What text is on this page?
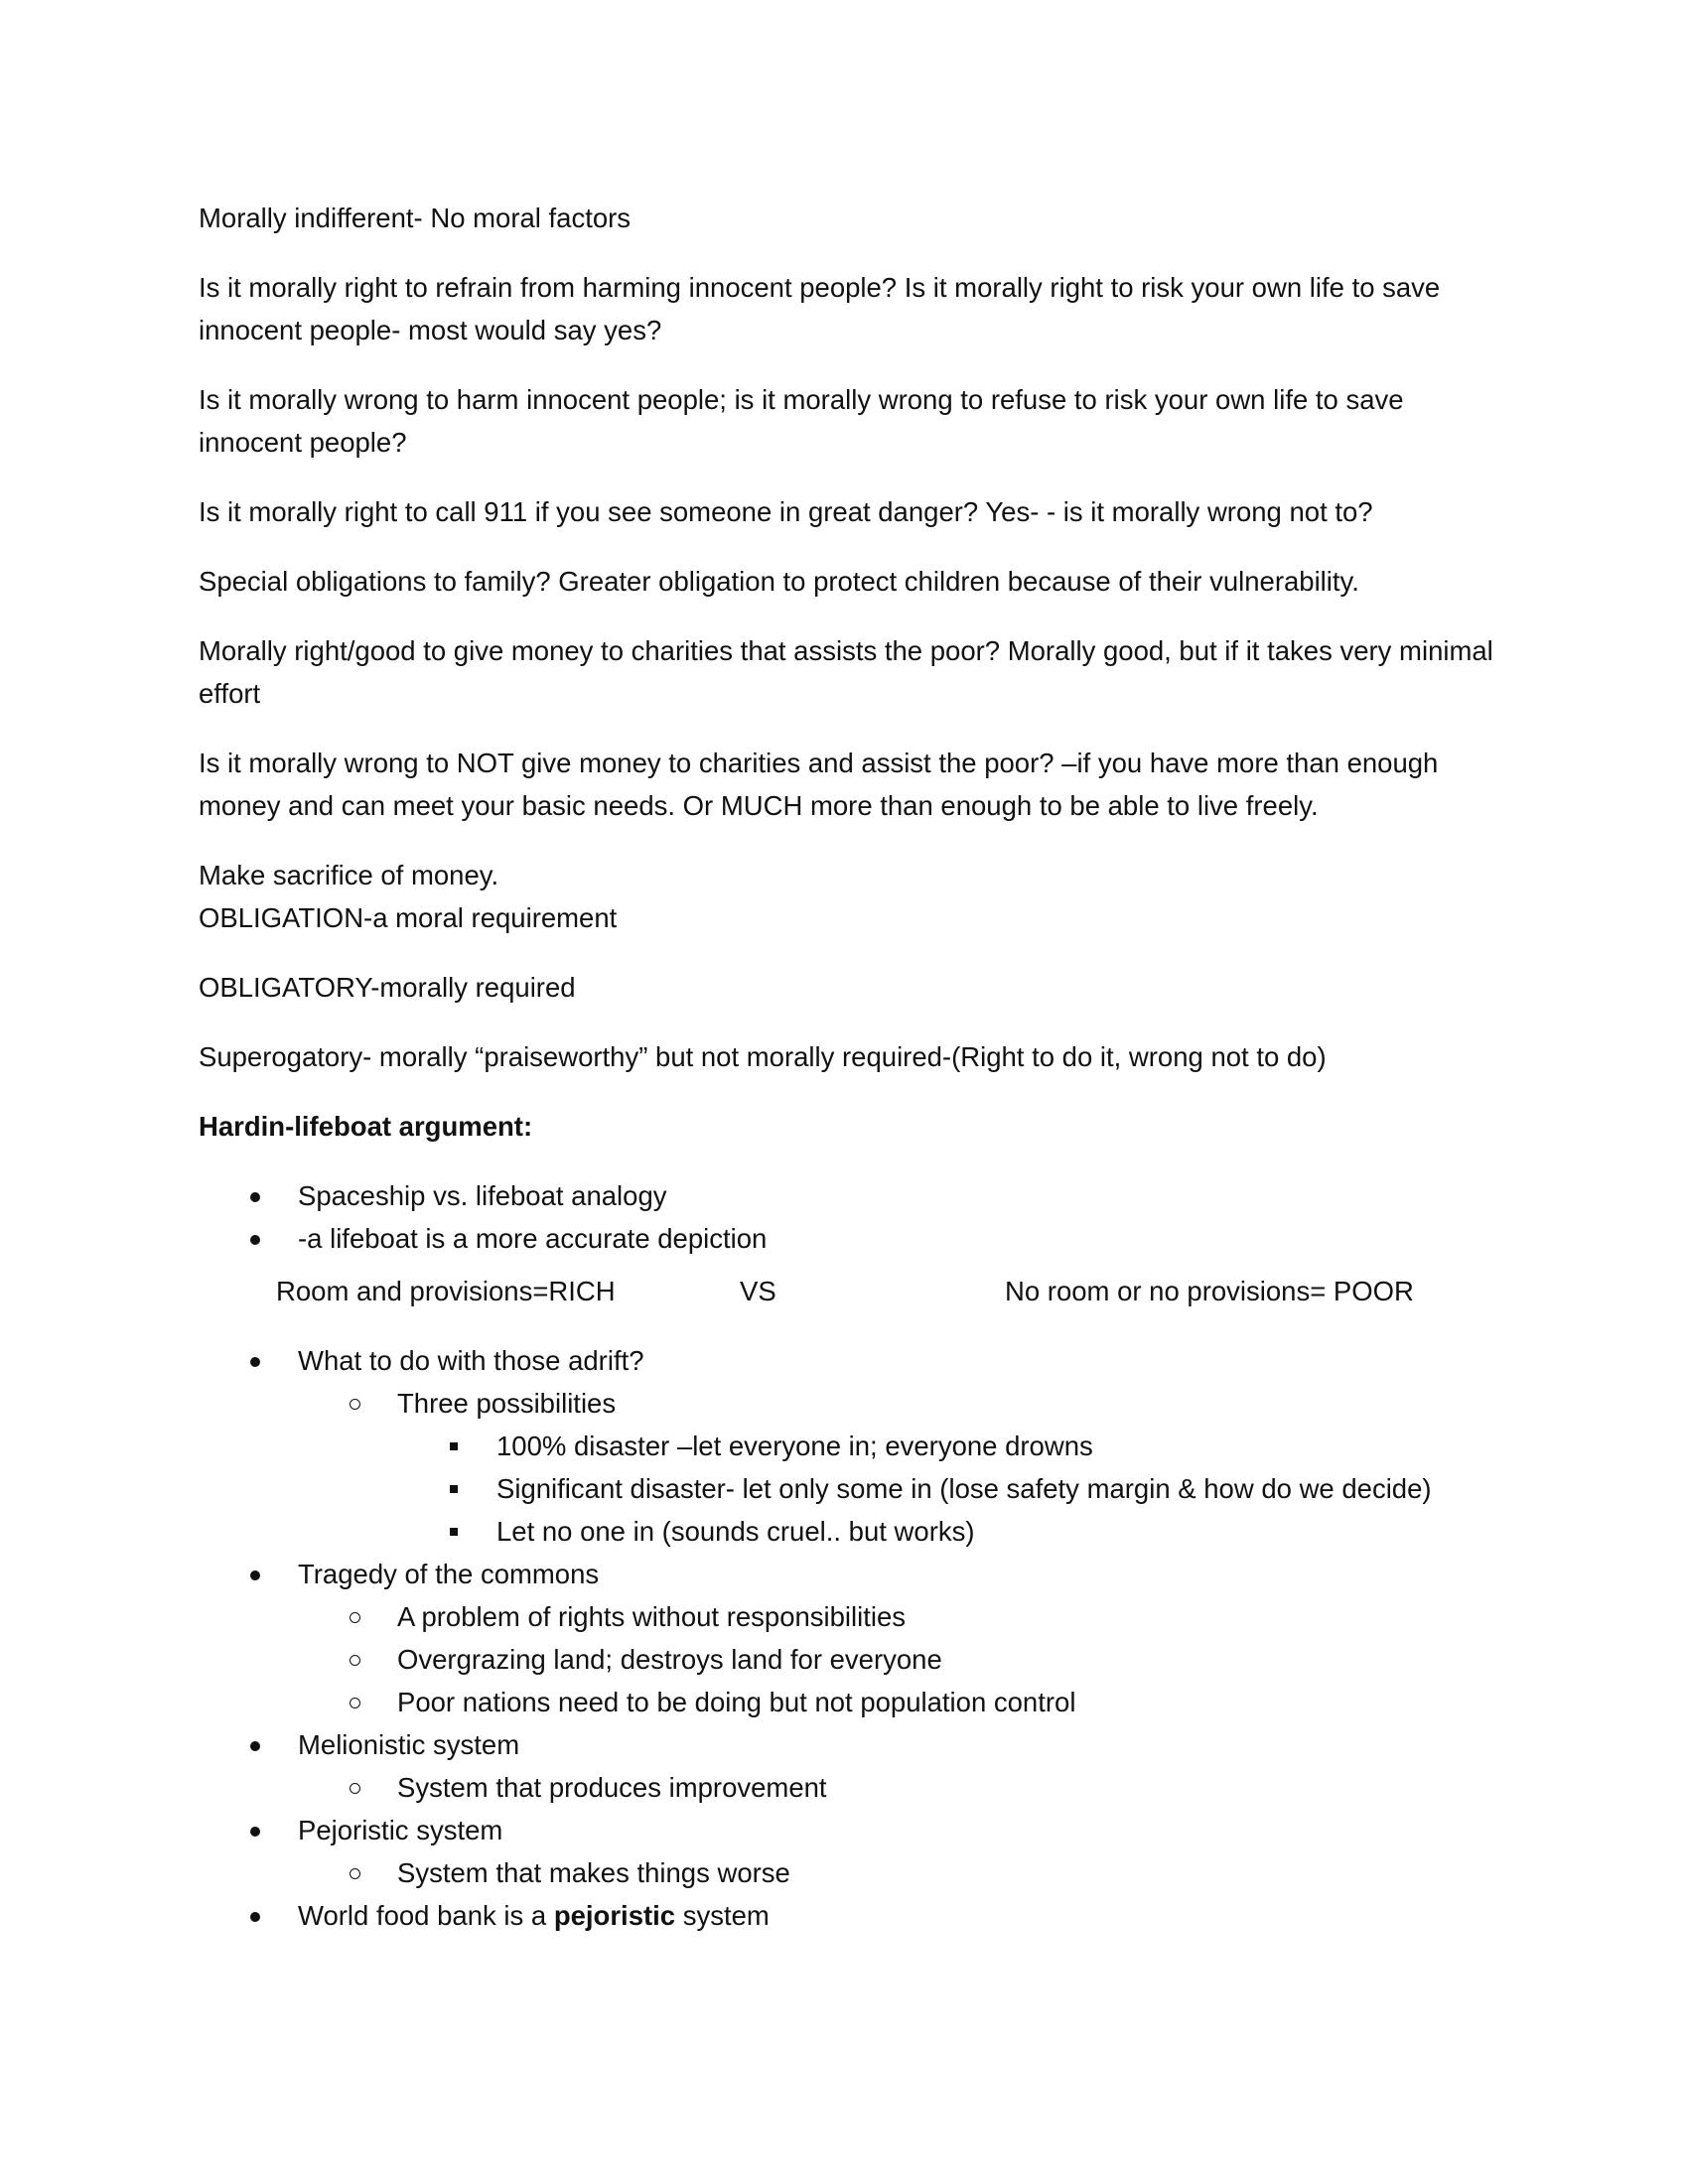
Morally indifferent- No moral factors

Is it morally right to refrain from harming innocent people? Is it morally right to risk your own life to save innocent people- most would say yes?

Is it morally wrong to harm innocent people; is it morally wrong to refuse to risk your own life to save innocent people?

Is it morally right to call 911 if you see someone in great danger? Yes- - is it morally wrong not to?

Special obligations to family? Greater obligation to protect children because of their vulnerability.

Morally right/good to give money to charities that assists the poor? Morally good, but if it takes very minimal effort

Is it morally wrong to NOT give money to charities and assist the poor? –if you have more than enough money and can meet your basic needs. Or MUCH more than enough to be able to live freely.

Make sacrifice of money.

OBLIGATION-a moral requirement

OBLIGATORY-morally required

Superogatory- morally “praiseworthy” but not morally required-(Right to do it, wrong not to do)

Hardin-lifeboat argument:

Spaceship vs. lifeboat analogy
-a lifeboat is a more accurate depiction
Room and provisions=RICH	VS	No room or no provisions= POOR
What to do with those adrift?
Three possibilities
100% disaster –let everyone in; everyone drowns
Significant disaster- let only some in (lose safety margin & how do we decide)
Let no one in (sounds cruel.. but works)
Tragedy of the commons
A problem of rights without responsibilities
Overgrazing land; destroys land for everyone
Poor nations need to be doing but not population control
Melionistic system
System that produces improvement
Pejoristic system
System that makes things worse
World food bank is a pejoristic system
